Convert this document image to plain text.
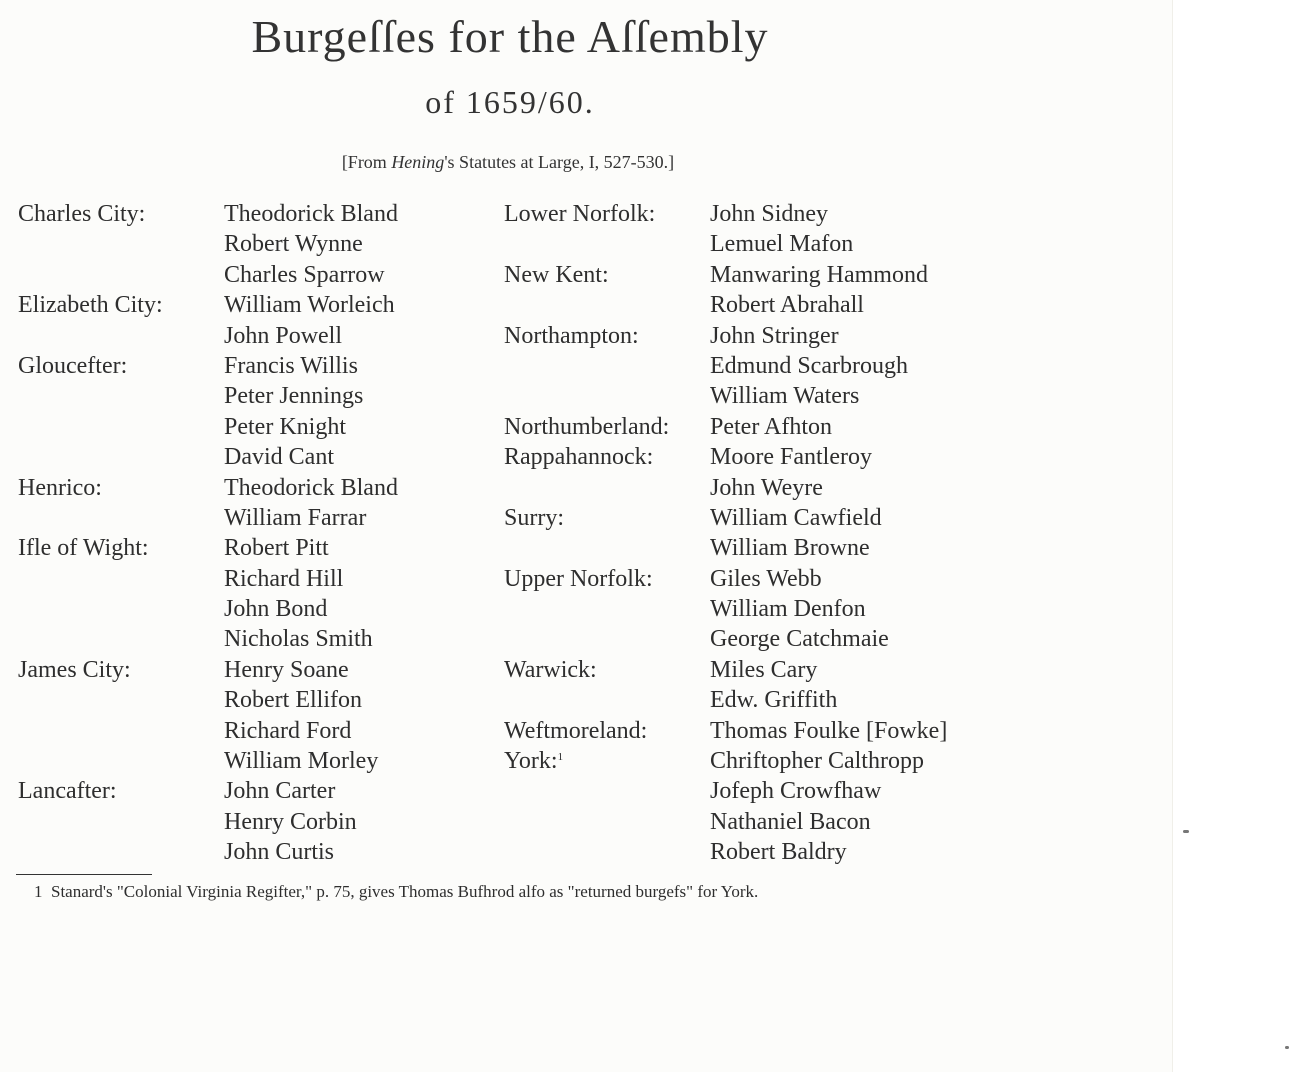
Burgeſſes for the Aſſembly
of 1659/60.
[From Hening's Statutes at Large, I, 527-530.]
Charles City:
Elizabeth City:
Gloucefter:
Henrico:
Ifle of Wight:
James City:
Lancafter:
Theodorick Bland
Robert Wynne
Charles Sparrow
William Worleich
John Powell
Francis Willis
Peter Jennings
Peter Knight
David Cant
Theodorick Bland
William Farrar
Robert Pitt
Richard Hill
John Bond
Nicholas Smith
Henry Soane
Robert Ellifon
Richard Ford
William Morley
John Carter
Henry Corbin
John Curtis
Lower Norfolk:
New Kent:
Northampton:
Northumberland:
Rappahannock:
Surry:
Upper Norfolk:
Warwick:
Weftmoreland:
York:$^1$
John Sidney
Lemuel Mafon
Manwaring Hammond
Robert Abrahall
John Stringer
Edmund Scarbrough
William Waters
Peter Afhton
Moore Fantleroy
John Weyre
William Cawfield
William Browne
Giles Webb
William Denfon
George Catchmaie
Miles Cary
Edw. Griffith
Thomas Foulke [Fowke]
Chriftopher Calthropp
Jofeph Crowfhaw
Nathaniel Bacon
Robert Baldry
1 Stanard's "Colonial Virginia Regifter," p. 75, gives Thomas Bufhrod alfo as "returned burgefs" for York.
